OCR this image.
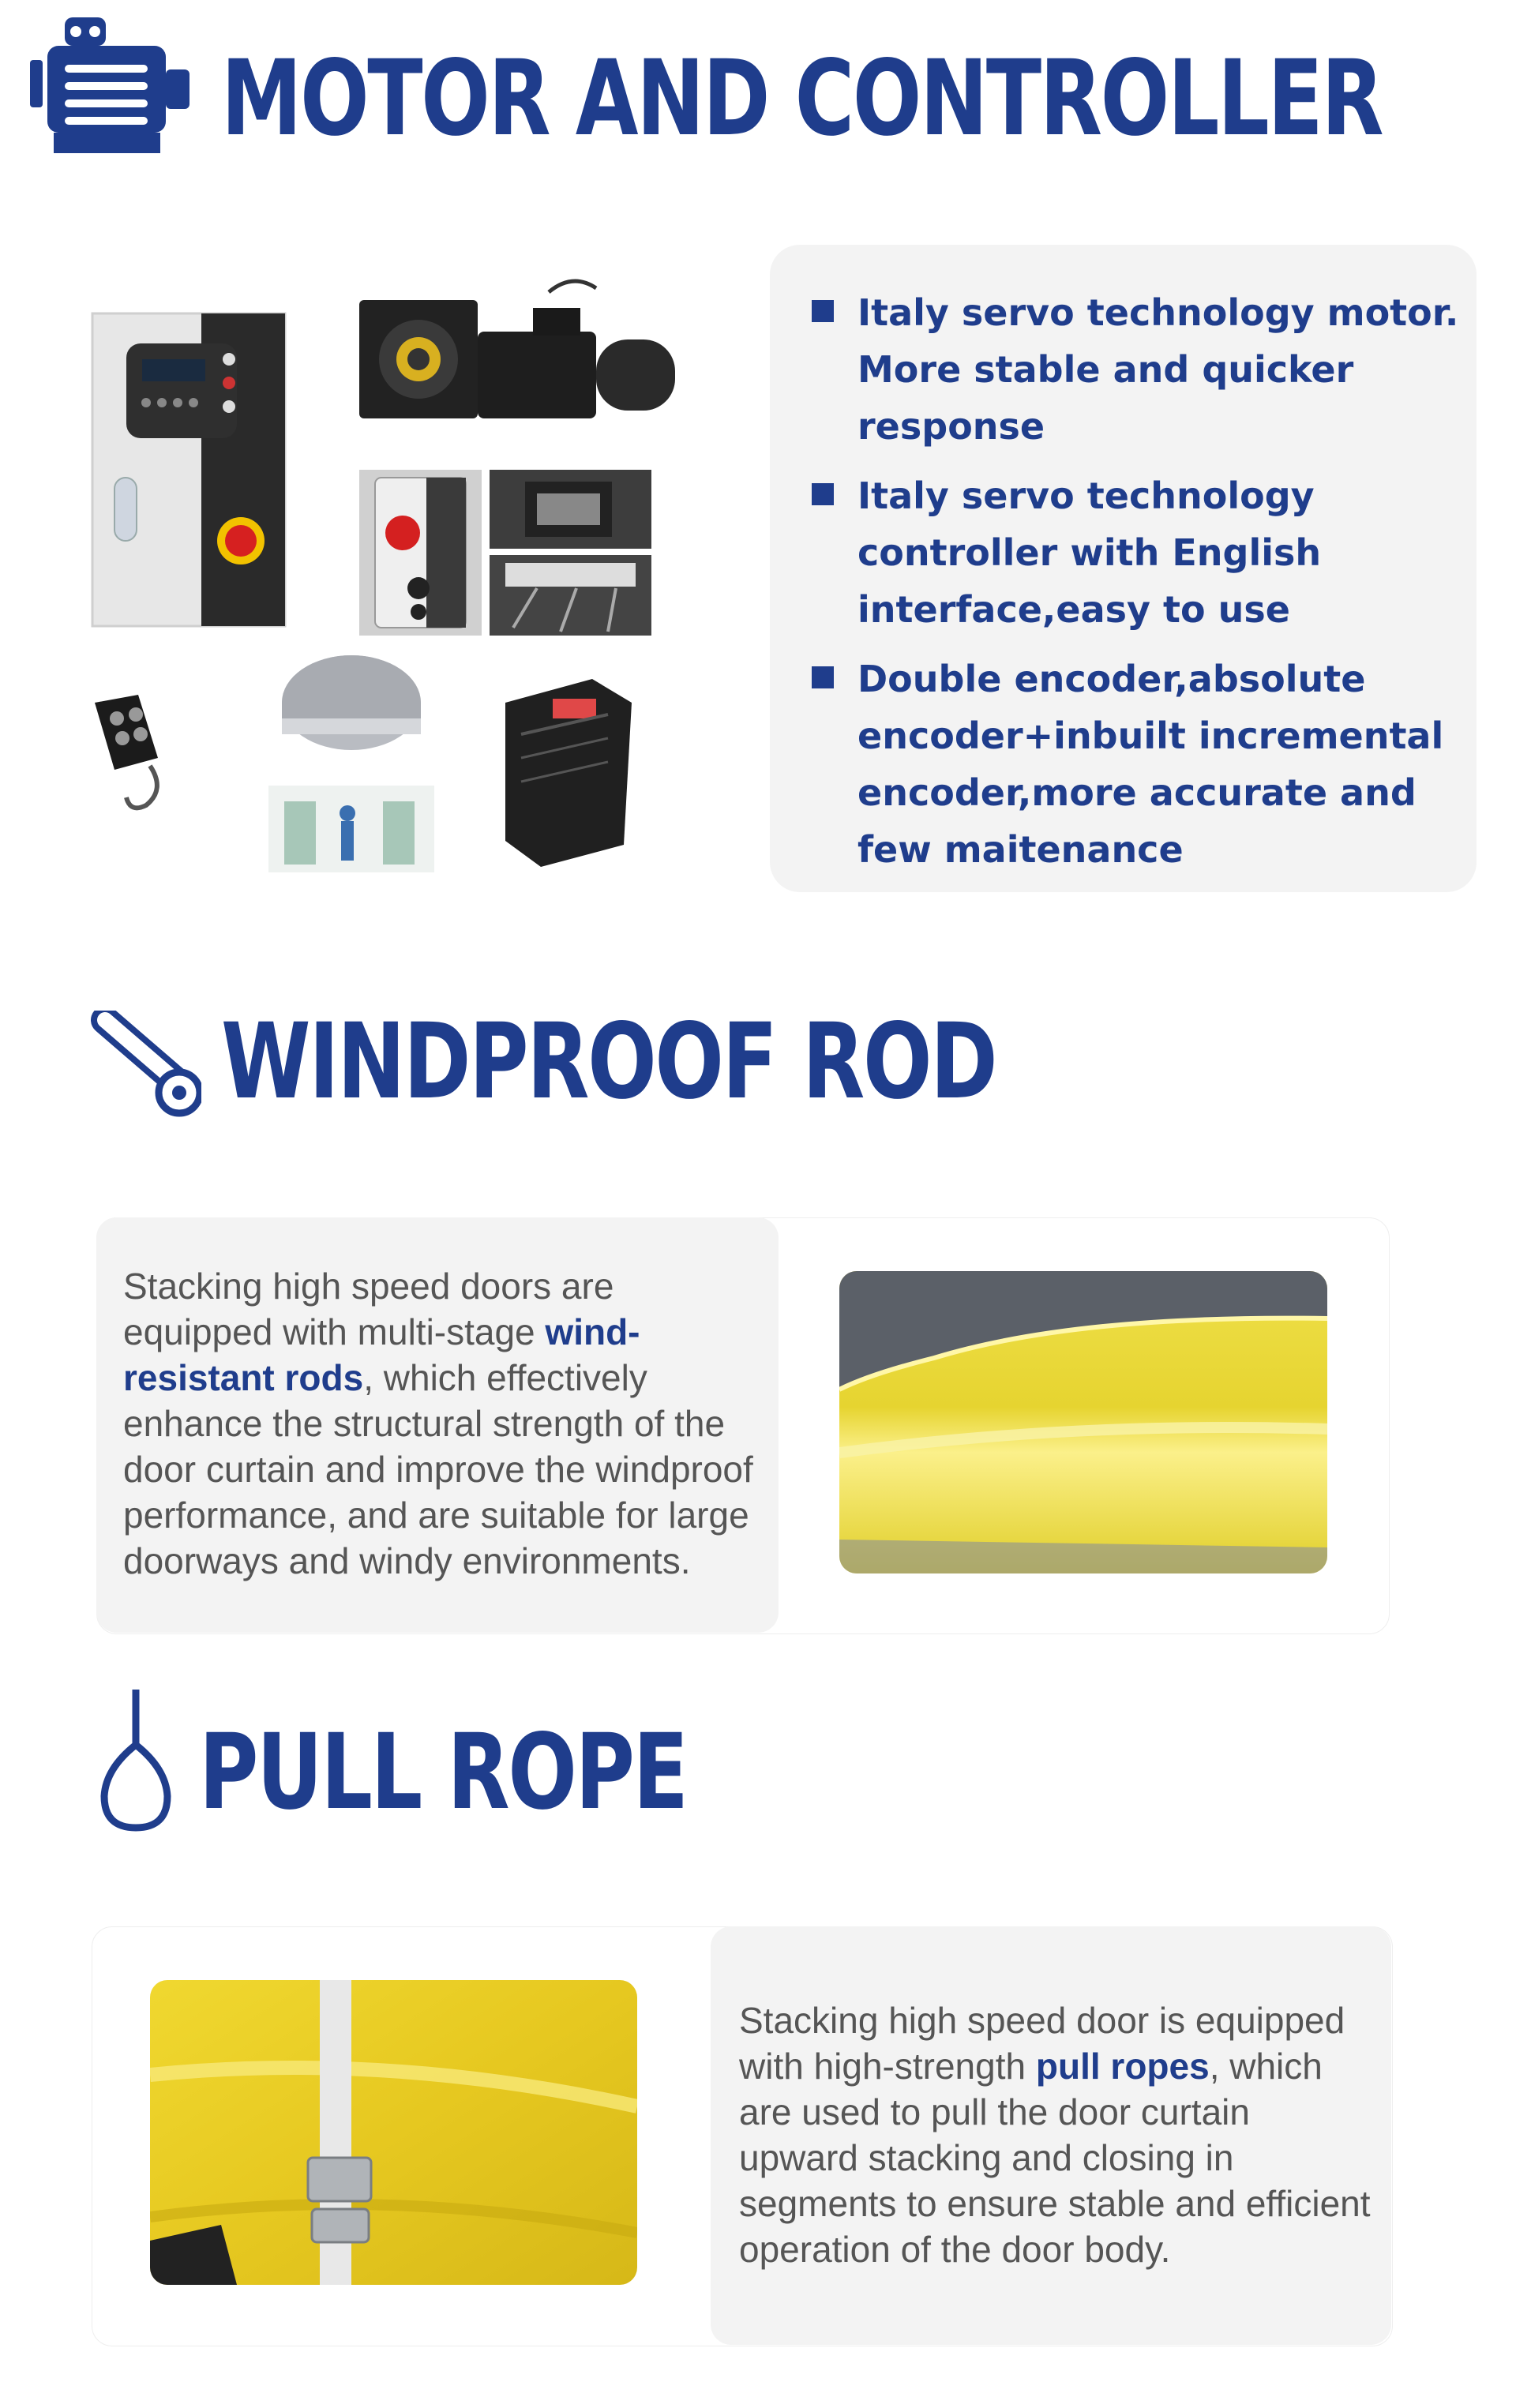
MOTOR AND CONTROLLER
Italy servo technology motor. More stable and quicker response
Italy servo technology controller with English interface,easy to use
Double encoder,absolute encoder+inbuilt incremental encoder,more accurate and few maitenance
WINDPROOF ROD
Stacking high speed doors are equipped with multi-stage wind-resistant rods, which effectively enhance the structural strength of the door curtain and improve the windproof performance, and are suitable for large doorways and windy environments.
PULL ROPE
Stacking high speed door is equipped with high-strength pull ropes, which are used to pull the door curtain upward stacking and closing in segments to ensure stable and efficient operation of the door body.
